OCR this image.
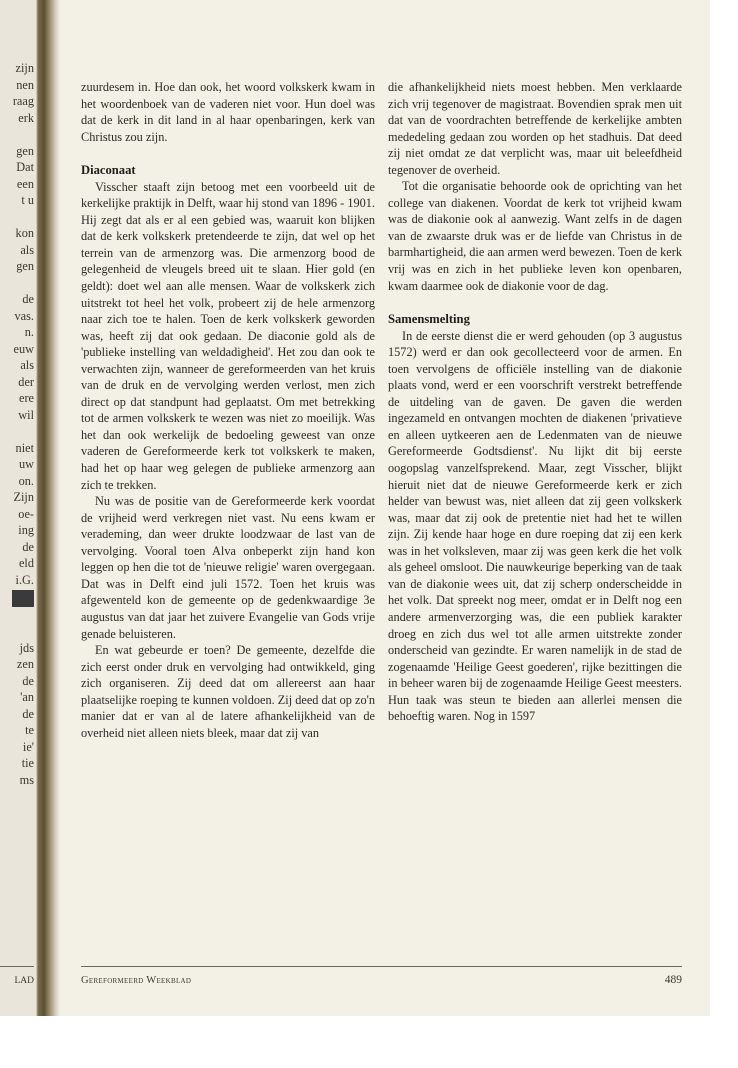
zijn
nen
raag
erk
gen
Dat
een
t u
kon
als
gen
de
vas.
n.
euw
als
der
ere
wil
niet
uw
on.
Zijn
oe-
ing
de
eld
i.G.
jds
zen
de
'an
de
te
ie'
tie
ms
LAD

zuurdesem in. Hoe dan ook, het woord volkskerk kwam in het woordenboek van de vaderen niet voor. Hun doel was dat de kerk in dit land in al haar openbaringen, kerk van Christus zou zijn.

Diaconaat

Visscher staaft zijn betoog met een voorbeeld uit de kerkelijke praktijk in Delft, waar hij stond van 1896 - 1901. Hij zegt dat als er al een gebied was, waaruit kon blijken dat de kerk volkskerk pretendeerde te zijn, dat wel op het terrein van de armenzorg was. Die armenzorg bood de gelegenheid de vleugels breed uit te slaan. Hier gold (en geldt): doet wel aan alle mensen. Waar de volkskerk zich uitstrekt tot heel het volk, probeert zij de hele armenzorg naar zich toe te halen. Toen de kerk volkskerk geworden was, heeft zij dat ook gedaan. De diaconie gold als de 'publieke instelling van weldadigheid'. Het zou dan ook te verwachten zijn, wanneer de gereformeerden van het kruis van de druk en de vervolging werden verlost, men zich direct op dat standpunt had geplaatst. Om met betrekking tot de armen volkskerk te wezen was niet zo moeilijk. Was het dan ook werkelijk de bedoeling geweest van onze vaderen de Gereformeerde kerk tot volkskerk te maken, had het op haar weg gelegen de publieke armenzorg aan zich te trekken.

Nu was de positie van de Gereformeerde kerk voordat de vrijheid werd verkregen niet vast. Nu eens kwam er verademing, dan weer drukte loodzwaar de last van de vervolging. Vooral toen Alva onbeperkt zijn hand kon leggen op hen die tot de 'nieuwe religie' waren overgegaan. Dat was in Delft eind juli 1572. Toen het kruis was afgewenteld kon de gemeente op de gedenkwaardige 3e augustus van dat jaar het zuivere Evangelie van Gods vrije genade beluisteren.

En wat gebeurde er toen? De gemeente, dezelfde die zich eerst onder druk en vervolging had ontwikkeld, ging zich organiseren. Zij deed dat om allereerst aan haar plaatselijke roeping te kunnen voldoen. Zij deed dat op zo'n manier dat er van al de latere afhankelijkheid van de overheid niet alleen niets bleek, maar dat zij van

die afhankelijkheid niets moest hebben. Men verklaarde zich vrij tegenover de magistraat. Bovendien sprak men uit dat van de voordrachten betreffende de kerkelijke ambten mededeling gedaan zou worden op het stadhuis. Dat deed zij niet omdat ze dat verplicht was, maar uit beleefdheid tegenover de overheid.

Tot die organisatie behoorde ook de oprichting van het college van diakenen. Voordat de kerk tot vrijheid kwam was de diakonie ook al aanwezig. Want zelfs in de dagen van de zwaarste druk was er de liefde van Christus in de barmhartigheid, die aan armen werd bewezen. Toen de kerk vrij was en zich in het publieke leven kon openbaren, kwam daarmee ook de diakonie voor de dag.

Samensmelting

In de eerste dienst die er werd gehouden (op 3 augustus 1572) werd er dan ook gecollecteerd voor de armen. En toen vervolgens de officiële instelling van de diakonie plaats vond, werd er een voorschrift verstrekt betreffende de uitdeling van de gaven. De gaven die werden ingezameld en ontvangen mochten de diakenen 'privatieve en alleen uytkeeren aen de Ledenmaten van de nieuwe Gereformeerde Godtsdienst'. Nu lijkt dit bij eerste oogopslag vanzelfsprekend. Maar, zegt Visscher, blijkt hieruit niet dat de nieuwe Gereformeerde kerk er zich helder van bewust was, niet alleen dat zij geen volkskerk was, maar dat zij ook de pretentie niet had het te willen zijn. Zij kende haar hoge en dure roeping dat zij een kerk was in het volksleven, maar zij was geen kerk die het volk als geheel omsloot. Die nauwkeurige beperking van de taak van de diakonie wees uit, dat zij scherp onderscheidde in het volk. Dat spreekt nog meer, omdat er in Delft nog een andere armenverzorging was, die een publiek karakter droeg en zich dus wel tot alle armen uitstrekte zonder onderscheid van gezindte. Er waren namelijk in de stad de zogenaamde 'Heilige Geest goederen', rijke bezittingen die in beheer waren bij de zogenaamde Heilige Geest meesters. Hun taak was steun te bieden aan allerlei mensen die behoeftig waren. Nog in 1597

Gereformeerd Weekblad	489
